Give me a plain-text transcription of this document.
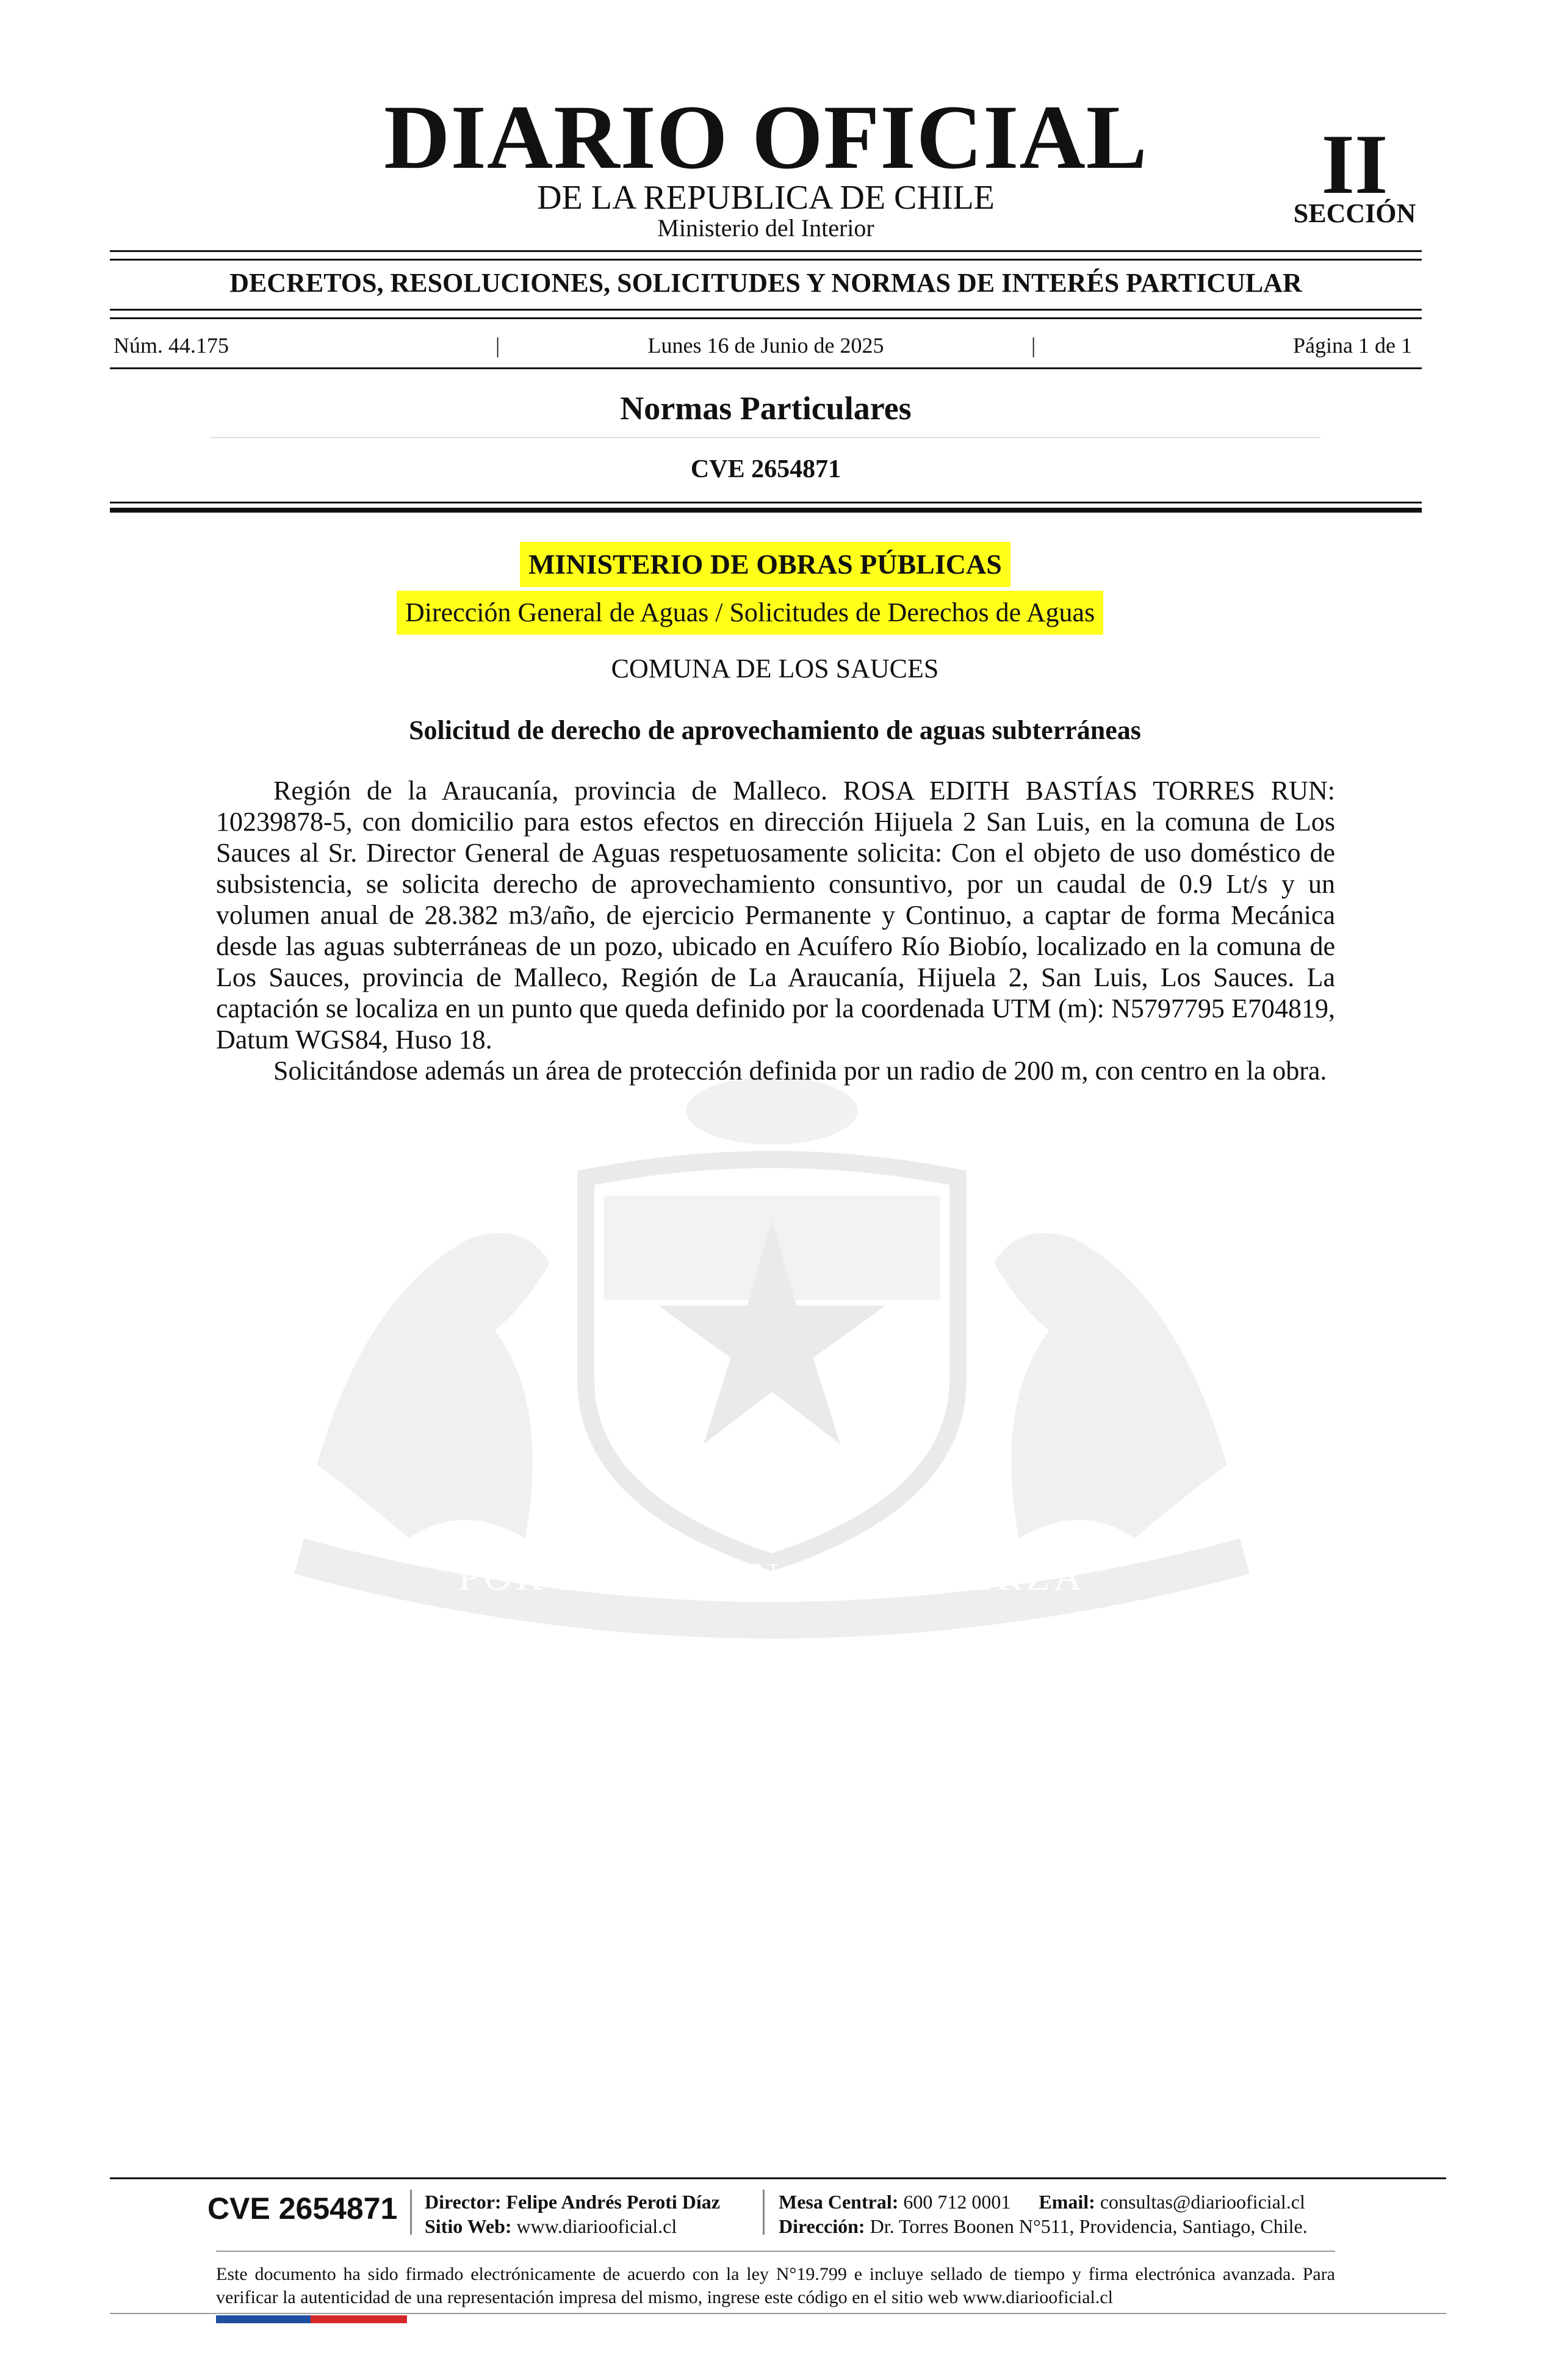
DIARIO OFICIAL
DE LA REPUBLICA DE CHILE
Ministerio del Interior
II
SECCIÓN
DECRETOS, RESOLUCIONES, SOLICITUDES Y NORMAS DE INTERÉS PARTICULAR
Núm. 44.175	|	Lunes 16 de Junio de 2025	|	Página 1 de 1
Normas Particulares
CVE 2654871
POR LA RAZON O LA FUERZA
MINISTERIO DE OBRAS PÚBLICAS
Dirección General de Aguas / Solicitudes de Derechos de Aguas
COMUNA DE LOS SAUCES
Solicitud de derecho de aprovechamiento de aguas subterráneas

Región de la Araucanía, provincia de Malleco. ROSA EDITH BASTÍAS TORRES RUN: 10239878-5, con domicilio para estos efectos en dirección Hijuela 2 San Luis, en la comuna de Los Sauces al Sr. Director General de Aguas respetuosamente solicita: Con el objeto de uso doméstico de subsistencia, se solicita derecho de aprovechamiento consuntivo, por un caudal de 0.9 Lt/s y un volumen anual de 28.382 m3/año, de ejercicio Permanente y Continuo, a captar de forma Mecánica desde las aguas subterráneas de un pozo, ubicado en Acuífero Río Biobío, localizado en la comuna de Los Sauces, provincia de Malleco, Región de La Araucanía, Hijuela 2, San Luis, Los Sauces. La captación se localiza en un punto que queda definido por la coordenada UTM (m): N5797795 E704819, Datum WGS84, Huso 18.

Solicitándose además un área de protección definida por un radio de 200 m, con centro en la obra.

CVE 2654871 Director: Felipe Andrés Peroti Díaz
Sitio Web: www.diariooficial.cl
Mesa Central: 600 712 0001 Email: consultas@diariooficial.cl
Dirección: Dr. Torres Boonen N°511, Providencia, Santiago, Chile.
Este documento ha sido firmado electrónicamente de acuerdo con la ley N°19.799 e incluye sellado de tiempo y firma electrónica avanzada. Para verificar la autenticidad de una representación impresa del mismo, ingrese este código en el sitio web www.diariooficial.cl
